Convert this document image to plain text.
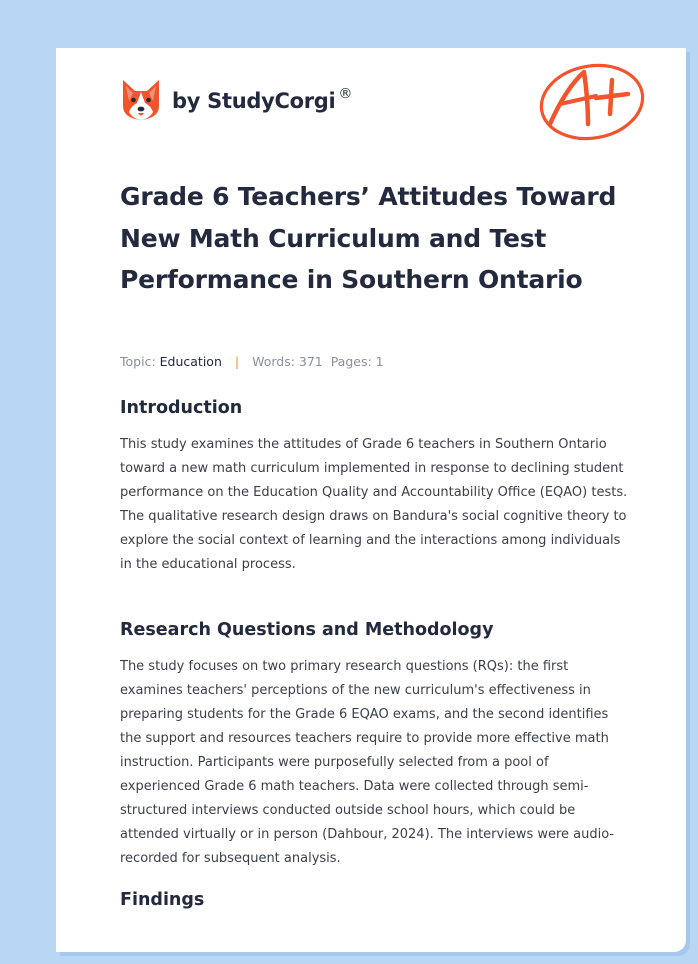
by StudyCorgi ®
Grade 6 Teachers’ Attitudes Toward New Math Curriculum and Test Performance in Southern Ontario
Topic: Education | Words: 371 Pages: 1
Introduction

This study examines the attitudes of Grade 6 teachers in Southern Ontario toward a new math curriculum implemented in response to declining student performance on the Education Quality and Accountability Office (EQAO) tests. The qualitative research design draws on Bandura's social cognitive theory to explore the social context of learning and the interactions among individuals in the educational process.

Research Questions and Methodology

The study focuses on two primary research questions (RQs): the first examines teachers' perceptions of the new curriculum's effectiveness in preparing students for the Grade 6 EQAO exams, and the second identifies the support and resources teachers require to provide more effective math instruction. Participants were purposefully selected from a pool of experienced Grade 6 math teachers. Data were collected through semi-structured interviews conducted outside school hours, which could be attended virtually or in person (Dahbour, 2024). The interviews were audio-recorded for subsequent analysis.

Findings
